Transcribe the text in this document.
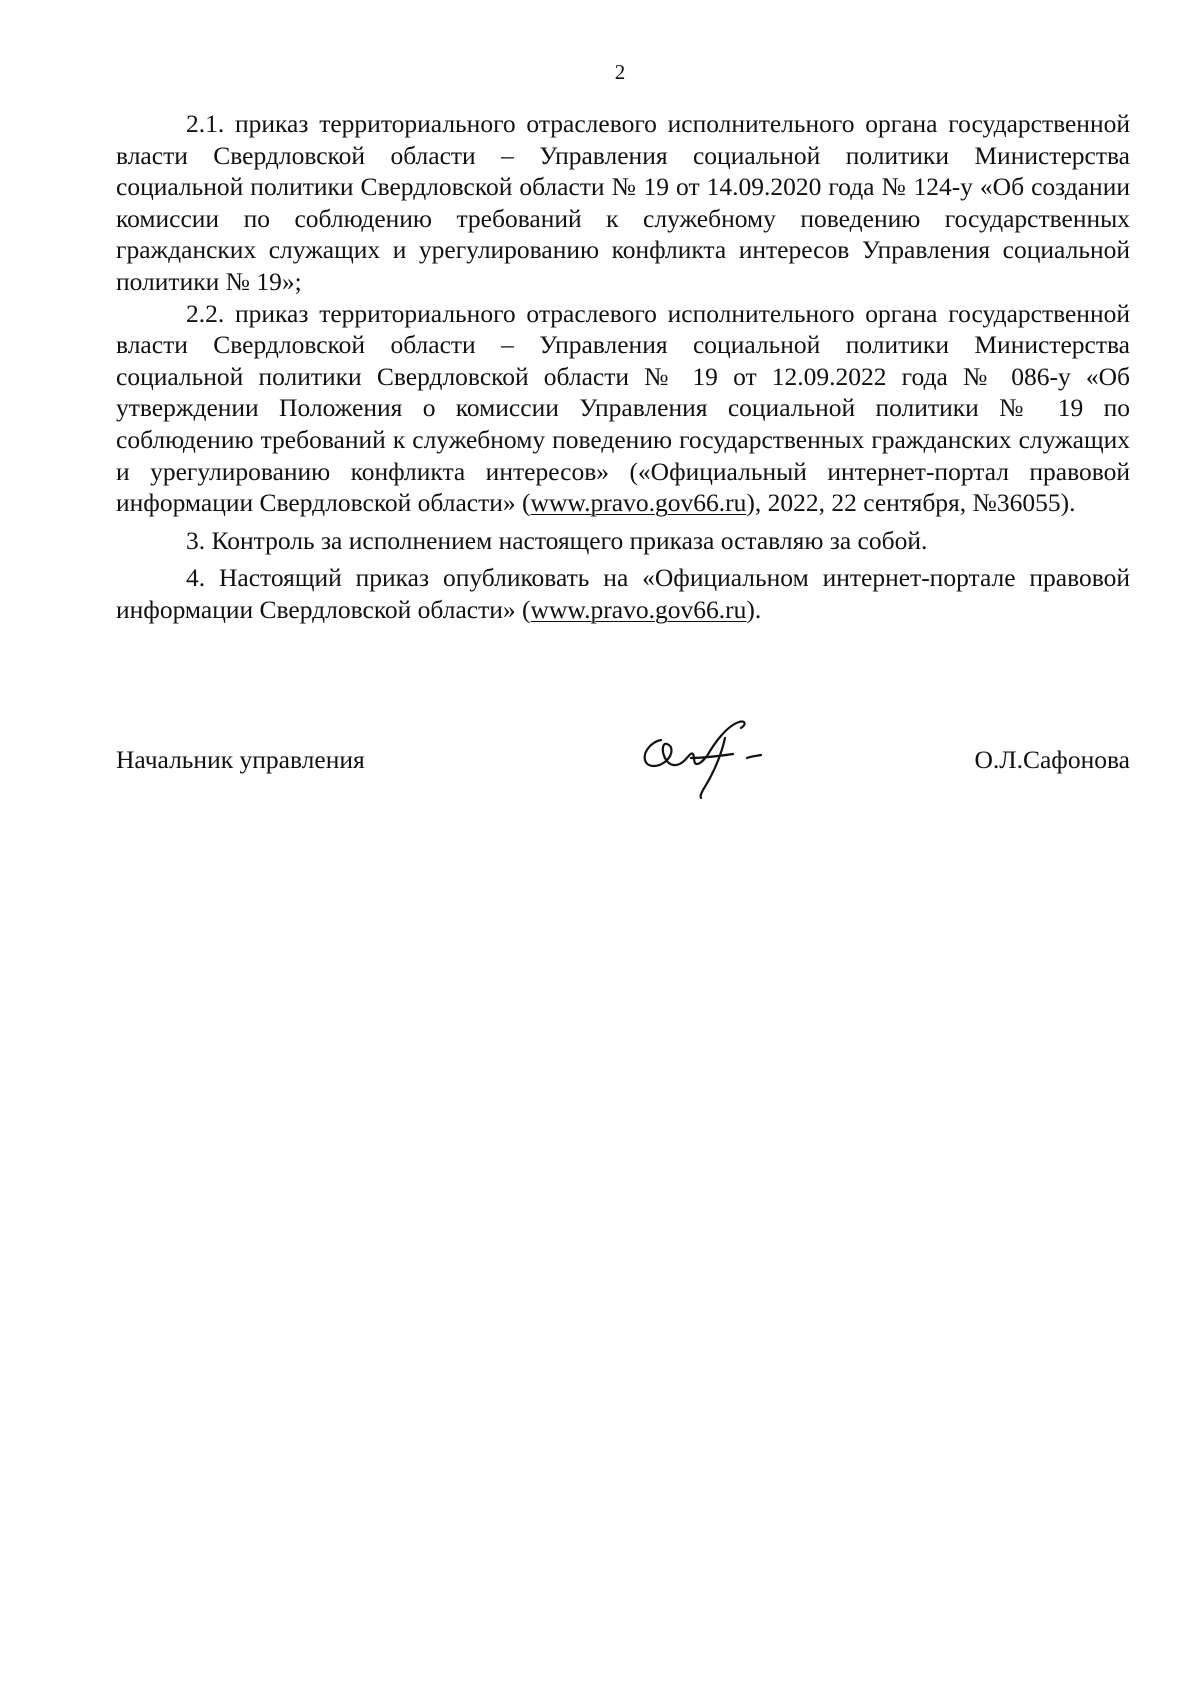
2

2.1. приказ территориального отраслевого исполнительного органа государственной власти Свердловской области – Управления социальной политики Министерства социальной политики Свердловской области № 19 от 14.09.2020 года № 124-у «Об создании комиссии по соблюдению требований к служебному поведению государственных гражданских служащих и урегулированию конфликта интересов Управления социальной политики № 19»;

2.2. приказ территориального отраслевого исполнительного органа государственной власти Свердловской области – Управления социальной политики Министерства социальной политики Свердловской области № 19 от 12.09.2022 года № 086-у «Об утверждении Положения о комиссии Управления социальной политики № 19 по соблюдению требований к служебному поведению государственных гражданских служащих и урегулированию конфликта интересов» («Официальный интернет-портал правовой информации Свердловской области» (www.pravo.gov66.ru), 2022, 22 сентября, №36055).

3. Контроль за исполнением настоящего приказа оставляю за собой.

4. Настоящий приказ опубликовать на «Официальном интернет-портале правовой информации Свердловской области» (www.pravo.gov66.ru).

Начальник управления	О.Л.Сафонова
